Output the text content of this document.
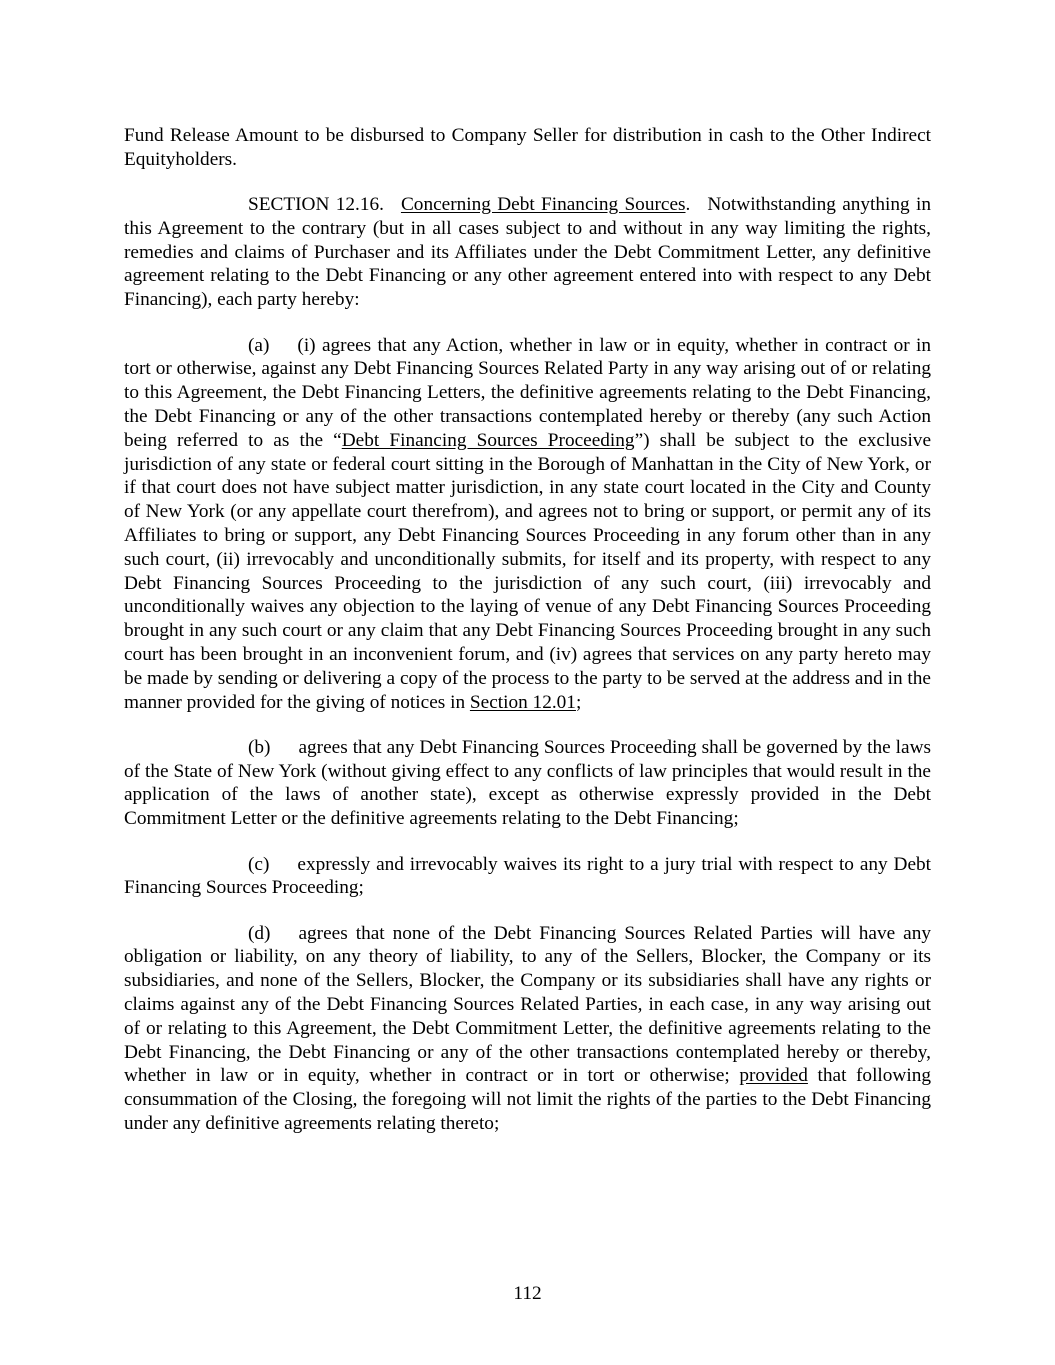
Fund Release Amount to be disbursed to Company Seller for distribution in cash to the Other Indirect Equityholders.

SECTION 12.16. Concerning Debt Financing Sources. Notwithstanding anything in this Agreement to the contrary (but in all cases subject to and without in any way limiting the rights, remedies and claims of Purchaser and its Affiliates under the Debt Commitment Letter, any definitive agreement relating to the Debt Financing or any other agreement entered into with respect to any Debt Financing), each party hereby:

(a) (i) agrees that any Action, whether in law or in equity, whether in contract or in tort or otherwise, against any Debt Financing Sources Related Party in any way arising out of or relating to this Agreement, the Debt Financing Letters, the definitive agreements relating to the Debt Financing, the Debt Financing or any of the other transactions contemplated hereby or thereby (any such Action being referred to as the “Debt Financing Sources Proceeding”) shall be subject to the exclusive jurisdiction of any state or federal court sitting in the Borough of Manhattan in the City of New York, or if that court does not have subject matter jurisdiction, in any state court located in the City and County of New York (or any appellate court therefrom), and agrees not to bring or support, or permit any of its Affiliates to bring or support, any Debt Financing Sources Proceeding in any forum other than in any such court, (ii) irrevocably and unconditionally submits, for itself and its property, with respect to any Debt Financing Sources Proceeding to the jurisdiction of any such court, (iii) irrevocably and unconditionally waives any objection to the laying of venue of any Debt Financing Sources Proceeding brought in any such court or any claim that any Debt Financing Sources Proceeding brought in any such court has been brought in an inconvenient forum, and (iv) agrees that services on any party hereto may be made by sending or delivering a copy of the process to the party to be served at the address and in the manner provided for the giving of notices in Section 12.01;

(b) agrees that any Debt Financing Sources Proceeding shall be governed by the laws of the State of New York (without giving effect to any conflicts of law principles that would result in the application of the laws of another state), except as otherwise expressly provided in the Debt Commitment Letter or the definitive agreements relating to the Debt Financing;

(c) expressly and irrevocably waives its right to a jury trial with respect to any Debt Financing Sources Proceeding;

(d) agrees that none of the Debt Financing Sources Related Parties will have any obligation or liability, on any theory of liability, to any of the Sellers, Blocker, the Company or its subsidiaries, and none of the Sellers, Blocker, the Company or its subsidiaries shall have any rights or claims against any of the Debt Financing Sources Related Parties, in each case, in any way arising out of or relating to this Agreement, the Debt Commitment Letter, the definitive agreements relating to the Debt Financing, the Debt Financing or any of the other transactions contemplated hereby or thereby, whether in law or in equity, whether in contract or in tort or otherwise; provided that following consummation of the Closing, the foregoing will not limit the rights of the parties to the Debt Financing under any definitive agreements relating thereto;

112
